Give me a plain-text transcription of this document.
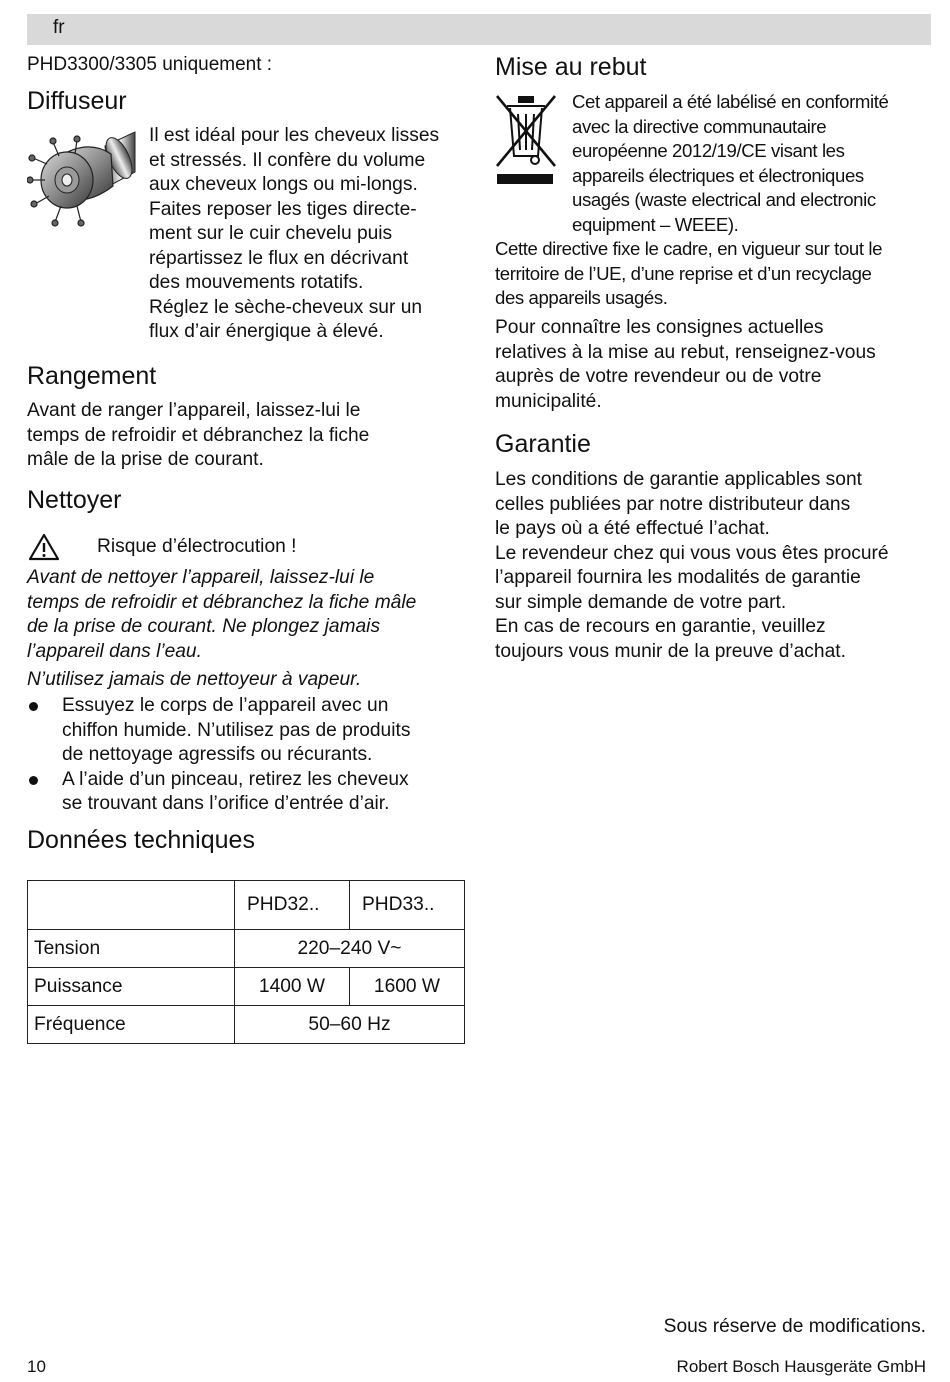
fr
PHD3300/3305 uniquement :
Diffuseur
Il est idéal pour les cheveux lisses
et stressés. Il confère du volume
aux cheveux longs ou mi-longs.
Faites reposer les tiges directe-
ment sur le cuir chevelu puis
répartissez le flux en décrivant
des mouvements rotatifs.
Réglez le sèche-cheveux sur un
flux d’air énergique à élevé.
Rangement
Avant de ranger l’appareil, laissez-lui le
temps de refroidir et débranchez la fiche
mâle de la prise de courant.
Nettoyer
Risque d’électrocution !
Avant de nettoyer l’appareil, laissez-lui le
temps de refroidir et débranchez la fiche mâle
de la prise de courant. Ne plongez jamais
l’appareil dans l’eau.
N’utilisez jamais de nettoyeur à vapeur.
Essuyez le corps de l’appareil avec un
chiffon humide. N’utilisez pas de produits
de nettoyage agressifs ou récurants.
A l’aide d’un pinceau, retirez les cheveux
se trouvant dans l’orifice d’entrée d’air.
Données techniques
	PHD32..	PHD33..
Tension	220–240 V~	
Puissance	1400 W	1600 W
Fréquence	50–60 Hz	
Mise au rebut
Cet appareil a été labélisé en conformité
avec la directive communautaire
européenne 2012/19/CE visant les
appareils électriques et électroniques
usagés (waste electrical and electronic
equipment – WEEE).
Cette directive fixe le cadre, en vigueur sur tout le
territoire de l’UE, d’une reprise et d’un recyclage
des appareils usagés.
Pour connaître les consignes actuelles
relatives à la mise au rebut, renseignez-vous
auprès de votre revendeur ou de votre
municipalité.
Garantie
Les conditions de garantie applicables sont
celles publiées par notre distributeur dans
le pays où a été effectué l’achat.
Le revendeur chez qui vous vous êtes procuré
l’appareil fournira les modalités de garantie
sur simple demande de votre part.
En cas de recours en garantie, veuillez
toujours vous munir de la preuve d’achat.
Sous réserve de modifications.
10	Robert Bosch Hausgeräte GmbH
